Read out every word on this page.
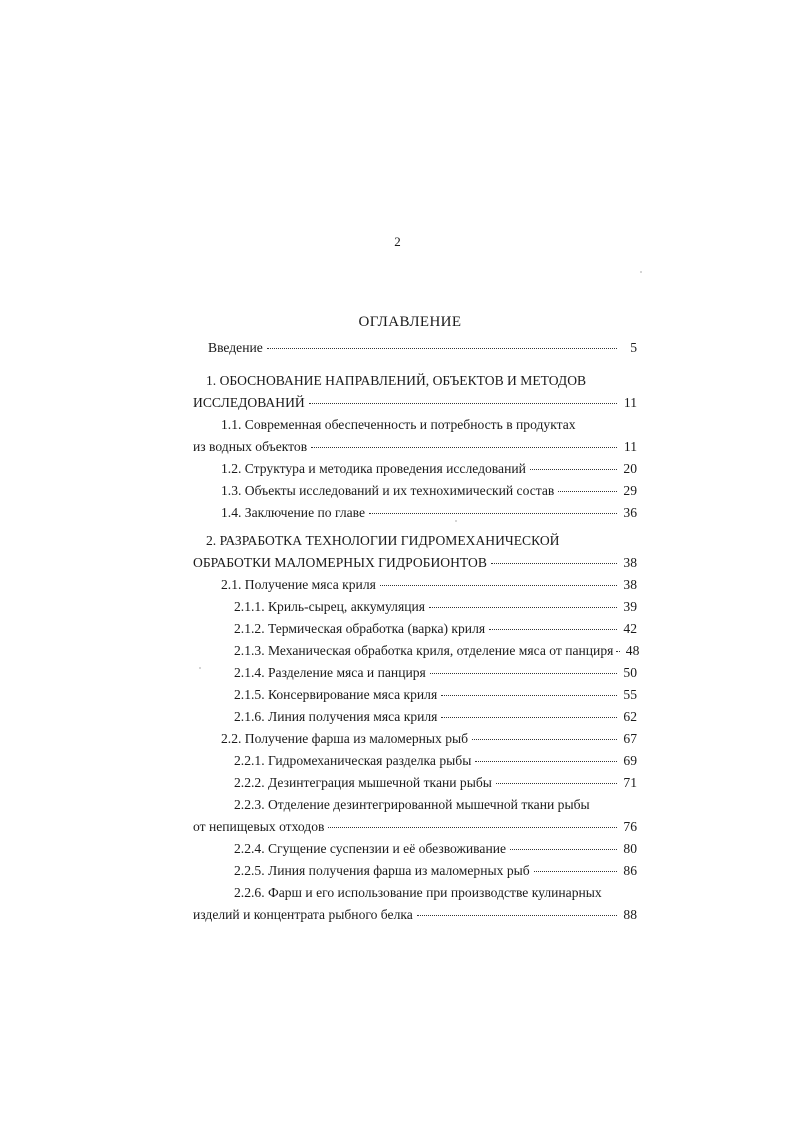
2
ОГЛАВЛЕНИЕ
Введение	5
1. ОБОСНОВАНИЕ НАПРАВЛЕНИЙ, ОБЪЕКТОВ И МЕТОДОВ
ИССЛЕДОВАНИЙ	11
1.1. Современная обеспеченность и потребность в продуктах
из водных объектов	11
1.2. Структура и методика проведения исследований	20
1.3. Объекты исследований и их технохимический состав	29
1.4. Заключение по главе	36
2. РАЗРАБОТКА ТЕХНОЛОГИИ ГИДРОМЕХАНИЧЕСКОЙ
ОБРАБОТКИ МАЛОМЕРНЫХ ГИДРОБИОНТОВ	38
2.1. Получение мяса криля	38
2.1.1. Криль-сырец, аккумуляция	39
2.1.2. Термическая обработка (варка) криля	42
2.1.3. Механическая обработка криля, отделение мяса от панциря 48
2.1.4. Разделение мяса и панциря	50
2.1.5. Консервирование мяса криля	55
2.1.6. Линия получения мяса криля	62
2.2. Получение фарша из маломерных рыб	67
2.2.1. Гидромеханическая разделка рыбы	69
2.2.2. Дезинтеграция мышечной ткани рыбы	71
2.2.3. Отделение дезинтегрированной мышечной ткани рыбы
от непищевых отходов	76
2.2.4. Сгущение суспензии и её обезвоживание	80
2.2.5. Линия получения фарша из маломерных рыб	86
2.2.6. Фарш и его использование при производстве кулинарных
изделий и концентрата рыбного белка	88
